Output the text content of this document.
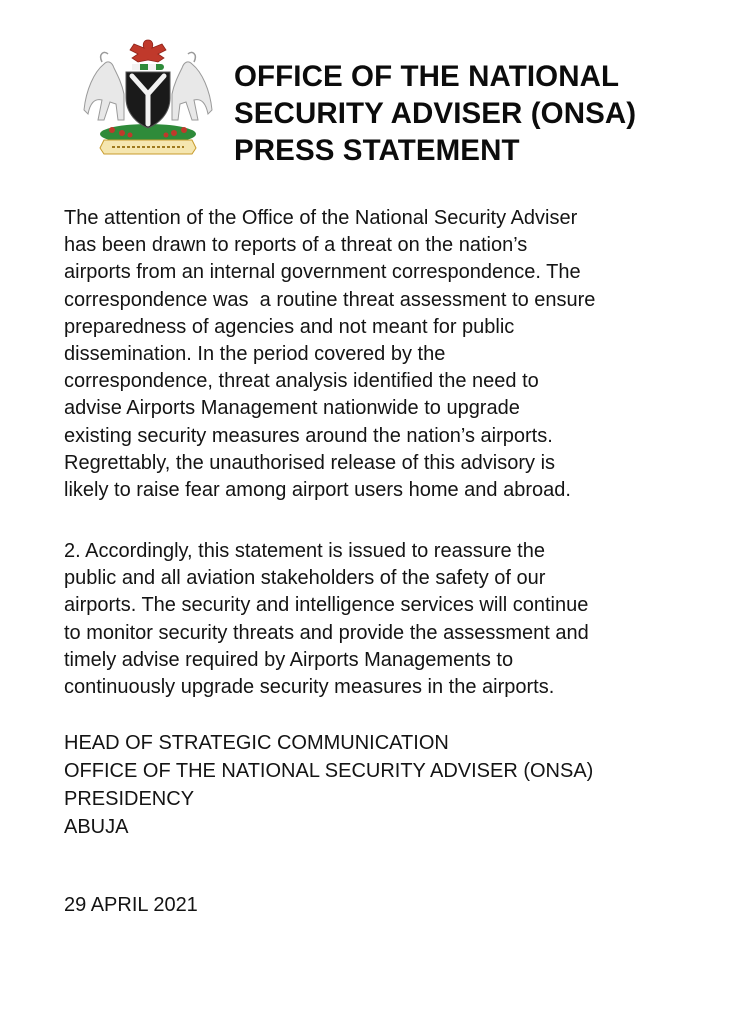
OFFICE OF THE NATIONAL
SECURITY ADVISER (ONSA)
PRESS STATEMENT
The attention of the Office of the National Security Adviser
has been drawn to reports of a threat on the nation’s
airports from an internal government correspondence. The
correspondence was  a routine threat assessment to ensure
preparedness of agencies and not meant for public
dissemination. In the period covered by the
correspondence, threat analysis identified the need to
advise Airports Management nationwide to upgrade
existing security measures around the nation’s airports.
Regrettably, the unauthorised release of this advisory is
likely to raise fear among airport users home and abroad.
2. Accordingly, this statement is issued to reassure the
public and all aviation stakeholders of the safety of our
airports. The security and intelligence services will continue
to monitor security threats and provide the assessment and
timely advise required by Airports Managements to
continuously upgrade security measures in the airports.
HEAD OF STRATEGIC COMMUNICATION
OFFICE OF THE NATIONAL SECURITY ADVISER (ONSA)
PRESIDENCY
ABUJA
29 APRIL 2021
